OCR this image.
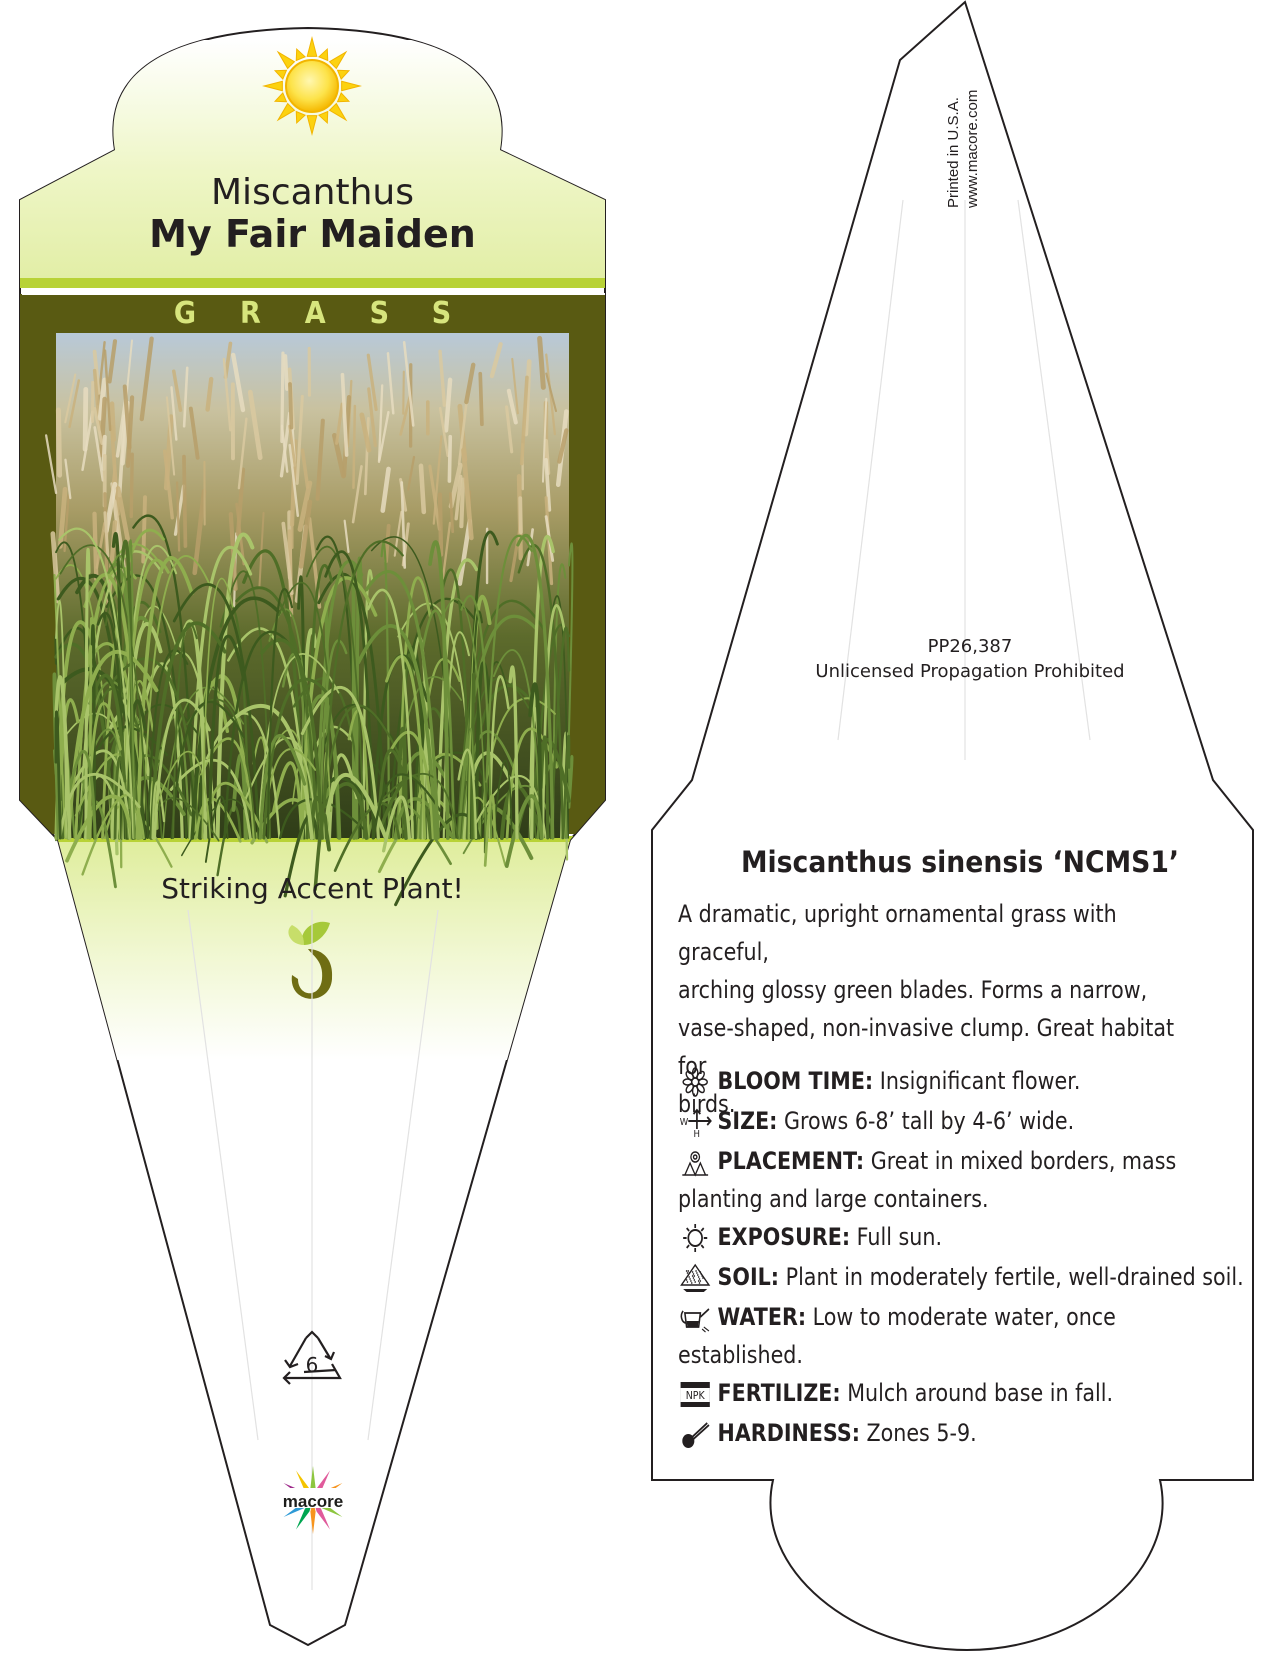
6
Miscanthus
My Fair Maiden
GRASS
Striking Accent Plant!
macore
Printed in U.S.A. www.macore.com
PP26,387
Unlicensed Propagation Prohibited
Miscanthus sinensis ‘NCMS1’
A dramatic, upright ornamental grass with graceful,
arching glossy green blades. Forms a narrow,
vase-shaped, non-invasive clump. Great habitat for
birds.
BLOOM TIME: Insignificant flower.
W
H SIZE: Grows 6-8’ tall by 4-6’ wide.
PLACEMENT: Great in mixed borders, mass
planting and large containers.
EXPOSURE: Full sun.
SOIL: Plant in moderately fertile, well-drained soil.
WATER: Low to moderate water, once
established.
NPK FERTILIZE: Mulch around base in fall.
HARDINESS: Zones 5-9.
